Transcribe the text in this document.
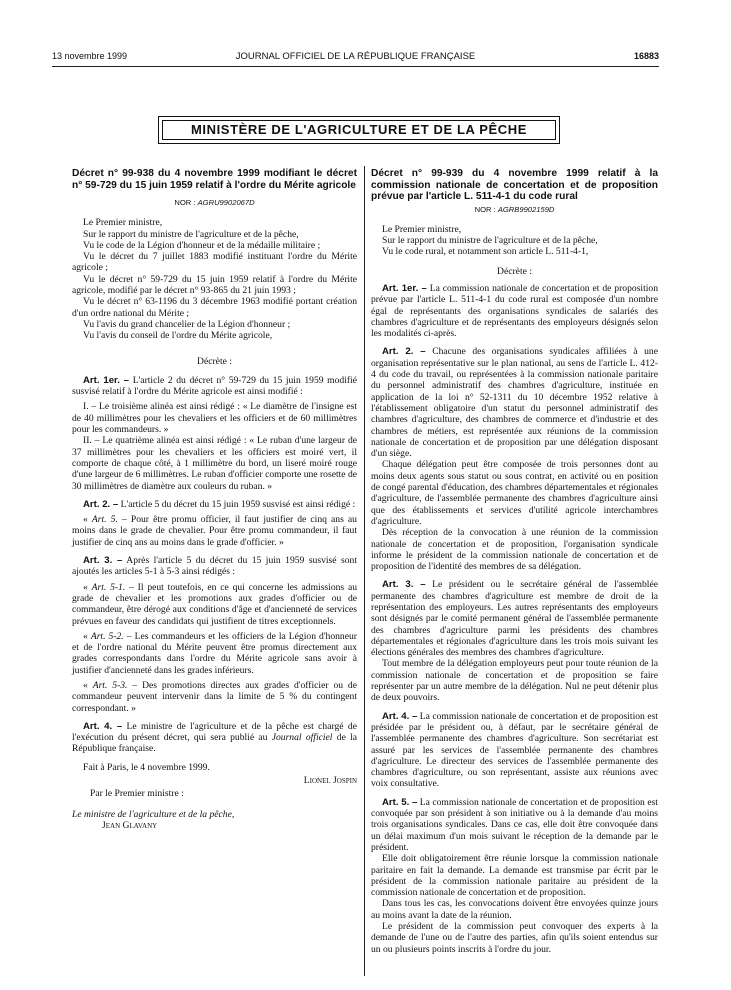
13 novembre 1999	JOURNAL OFFICIEL DE LA RÉPUBLIQUE FRANÇAISE	16883
MINISTÈRE DE L'AGRICULTURE ET DE LA PÊCHE
Décret n° 99-938 du 4 novembre 1999 modifiant le décret n° 59-729 du 15 juin 1959 relatif à l'ordre du Mérite agricole
NOR : AGRU9902067D

Le Premier ministre,

Sur le rapport du ministre de l'agriculture et de la pêche,

Vu le code de la Légion d'honneur et de la médaille militaire ;

Vu le décret du 7 juillet 1883 modifié instituant l'ordre du Mérite agricole ;

Vu le décret n° 59-729 du 15 juin 1959 relatif à l'ordre du Mérite agricole, modifié par le décret n° 93-865 du 21 juin 1993 ;

Vu le décret n° 63-1196 du 3 décembre 1963 modifié portant création d'un ordre national du Mérite ;

Vu l'avis du grand chancelier de la Légion d'honneur ;

Vu l'avis du conseil de l'ordre du Mérite agricole,

Décrète :

Art. 1er. – L'article 2 du décret n° 59-729 du 15 juin 1959 modifié susvisé relatif à l'ordre du Mérite agricole est ainsi modifié :

I. – Le troisième alinéa est ainsi rédigé : « Le diamètre de l'insigne est de 40 millimètres pour les chevaliers et les officiers et de 60 millimètres pour les commandeurs. »

II. – Le quatrième alinéa est ainsi rédigé : « Le ruban d'une largeur de 37 millimètres pour les chevaliers et les officiers est moiré vert, il comporte de chaque côté, à 1 millimètre du bord, un liseré moiré rouge d'une largeur de 6 millimètres. Le ruban d'officier comporte une rosette de 30 millimètres de diamètre aux couleurs du ruban. »

Art. 2. – L'article 5 du décret du 15 juin 1959 susvisé est ainsi rédigé :

« Art. 5. – Pour être promu officier, il faut justifier de cinq ans au moins dans le grade de chevalier. Pour être promu commandeur, il faut justifier de cinq ans au moins dans le grade d'officier. »

Art. 3. – Après l'article 5 du décret du 15 juin 1959 susvisé sont ajoutés les articles 5-1 à 5-3 ainsi rédigés :

« Art. 5-1. – Il peut toutefois, en ce qui concerne les admissions au grade de chevalier et les promotions aux grades d'officier ou de commandeur, être dérogé aux conditions d'âge et d'ancienneté de services prévues en faveur des candidats qui justifient de titres exceptionnels.

« Art. 5-2. – Les commandeurs et les officiers de la Légion d'honneur et de l'ordre national du Mérite peuvent être promus directement aux grades correspondants dans l'ordre du Mérite agricole sans avoir à justifier d'ancienneté dans les grades inférieurs.

« Art. 5-3. – Des promotions directes aux grades d'officier ou de commandeur peuvent intervenir dans la limite de 5 % du contingent correspondant. »

Art. 4. – Le ministre de l'agriculture et de la pêche est chargé de l'exécution du présent décret, qui sera publié au Journal officiel de la République française.

Fait à Paris, le 4 novembre 1999.

Lionel Jospin

Par le Premier ministre :

Le ministre de l'agriculture et de la pêche,

Jean Glavany

Décret n° 99-939 du 4 novembre 1999 relatif à la commission nationale de concertation et de proposition prévue par l'article L. 511-4-1 du code rural
NOR : AGRB9902159D

Le Premier ministre,

Sur le rapport du ministre de l'agriculture et de la pêche,

Vu le code rural, et notamment son article L. 511-4-1,

Décrète :

Art. 1er. – La commission nationale de concertation et de proposition prévue par l'article L. 511-4-1 du code rural est composée d'un nombre égal de représentants des organisations syndicales de salariés des chambres d'agriculture et de représentants des employeurs désignés selon les modalités ci-après.

Art. 2. – Chacune des organisations syndicales affiliées à une organisation représentative sur le plan national, au sens de l'article L. 412-4 du code du travail, ou représentées à la commission nationale paritaire du personnel administratif des chambres d'agriculture, instituée en application de la loi n° 52-1311 du 10 décembre 1952 relative à l'établissement obligatoire d'un statut du personnel administratif des chambres d'agriculture, des chambres de commerce et d'industrie et des chambres de métiers, est représentée aux réunions de la commission nationale de concertation et de proposition par une délégation disposant d'un siège.

Chaque délégation peut être composée de trois personnes dont au moins deux agents sous statut ou sous contrat, en activité ou en position de congé parental d'éducation, des chambres départementales et régionales d'agriculture, de l'assemblée permanente des chambres d'agriculture ainsi que des établissements et services d'utilité agricole interchambres d'agriculture.

Dès réception de la convocation à une réunion de la commission nationale de concertation et de proposition, l'organisation syndicale informe le président de la commission nationale de concertation et de proposition de l'identité des membres de sa délégation.

Art. 3. – Le président ou le secrétaire général de l'assemblée permanente des chambres d'agriculture est membre de droit de la représentation des employeurs. Les autres représentants des employeurs sont désignés par le comité permanent général de l'assemblée permanente des chambres d'agriculture parmi les présidents des chambres départementales et régionales d'agriculture dans les trois mois suivant les élections générales des membres des chambres d'agriculture.

Tout membre de la délégation employeurs peut pour toute réunion de la commission nationale de concertation et de proposition se faire représenter par un autre membre de la délégation. Nul ne peut détenir plus de deux pouvoirs.

Art. 4. – La commission nationale de concertation et de proposition est présidée par le président ou, à défaut, par le secrétaire général de l'assemblée permanente des chambres d'agriculture. Son secrétariat est assuré par les services de l'assemblée permanente des chambres d'agriculture. Le directeur des services de l'assemblée permanente des chambres d'agriculture, ou son représentant, assiste aux réunions avec voix consultative.

Art. 5. – La commission nationale de concertation et de proposition est convoquée par son président à son initiative ou à la demande d'au moins trois organisations syndicales. Dans ce cas, elle doit être convoquée dans un délai maximum d'un mois suivant le réception de la demande par le président.

Elle doit obligatoirement être réunie lorsque la commission nationale paritaire en fait la demande. La demande est transmise par écrit par le président de la commission nationale paritaire au président de la commission nationale de concertation et de proposition.

Dans tous les cas, les convocations doivent être envoyées quinze jours au moins avant la date de la réunion.

Le président de la commission peut convoquer des experts à la demande de l'une ou de l'autre des parties, afin qu'ils soient entendus sur un ou plusieurs points inscrits à l'ordre du jour.
